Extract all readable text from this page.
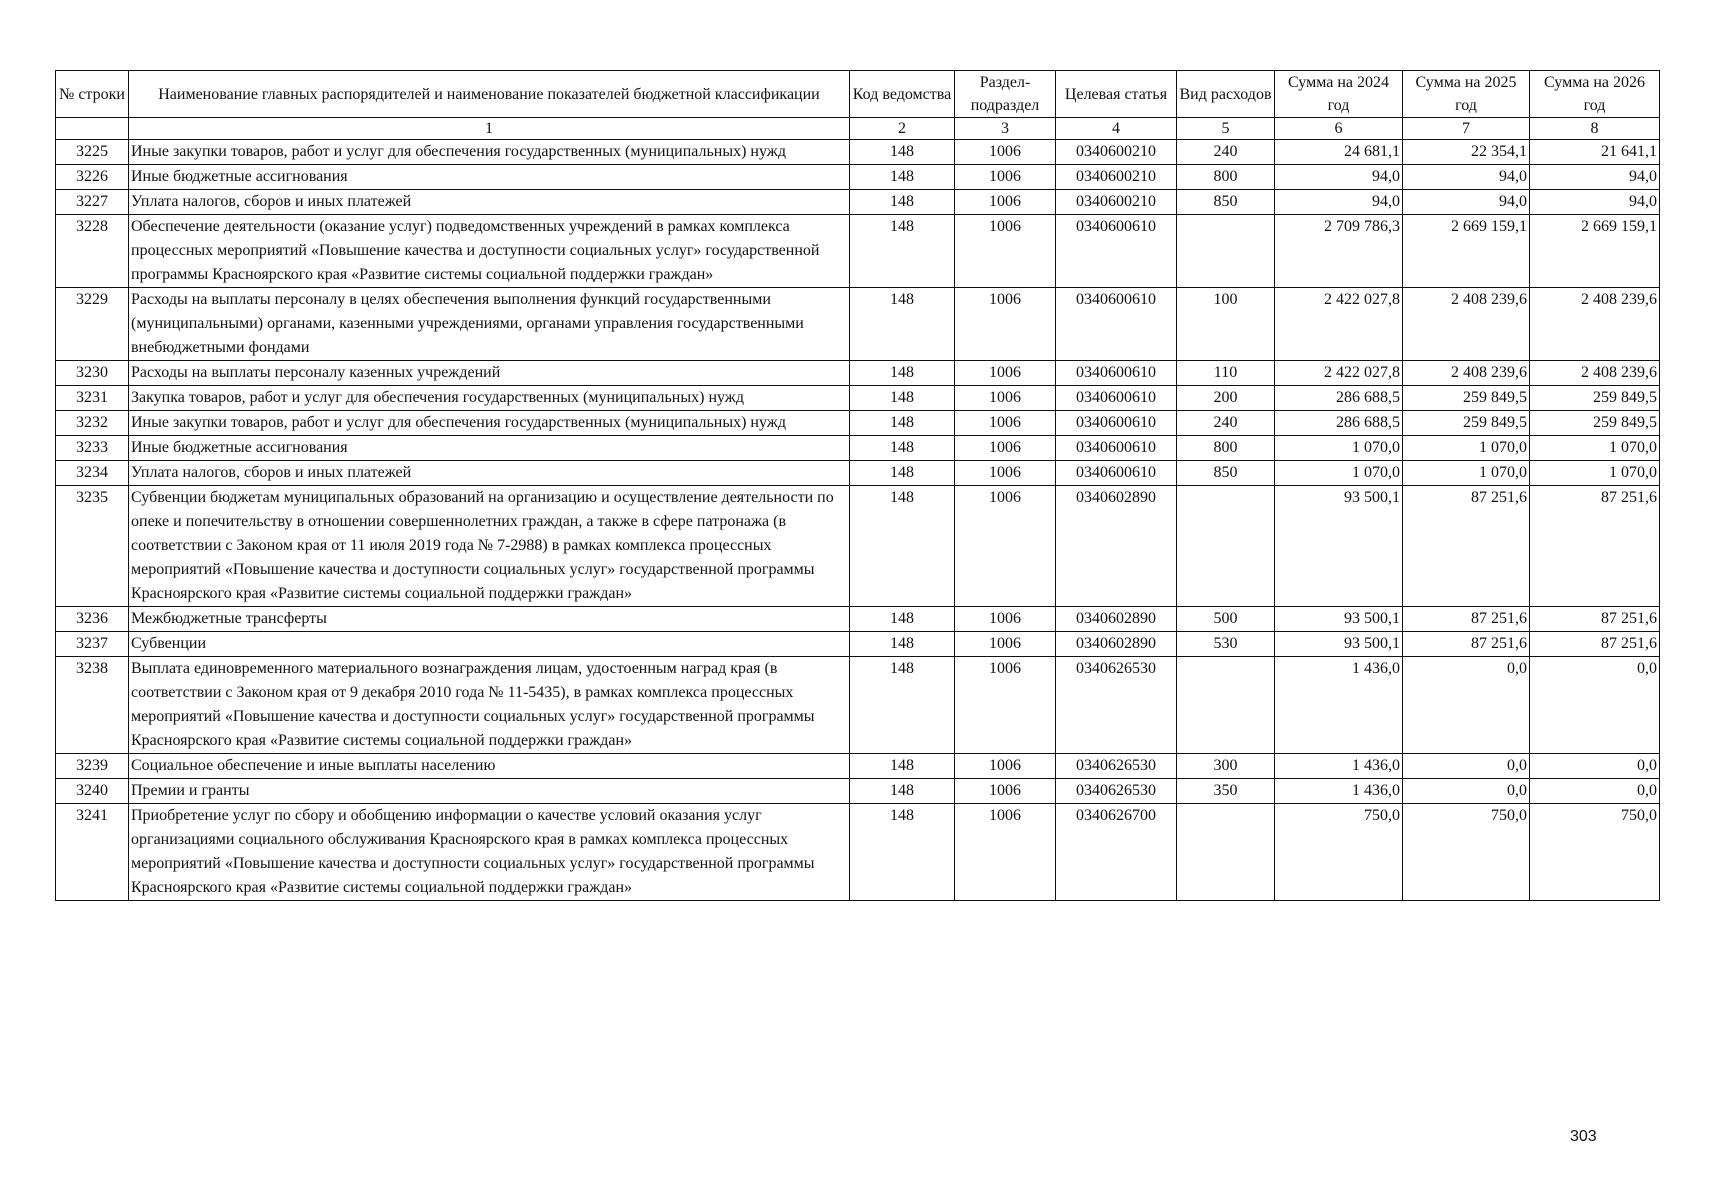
№ строки	Наименование главных распорядителей и наименование показателей бюджетной классификации	Код ведомства	Раздел-подраздел	Целевая статья	Вид расходов	Сумма на 2024 год	Сумма на 2025 год	Сумма на 2026 год
	1	2	3	4	5	6	7	8
3225	Иные закупки товаров, работ и услуг для обеспечения государственных (муниципальных) нужд	148	1006	0340600210	240	24 681,1	22 354,1	21 641,1
3226	Иные бюджетные ассигнования	148	1006	0340600210	800	94,0	94,0	94,0
3227	Уплата налогов, сборов и иных платежей	148	1006	0340600210	850	94,0	94,0	94,0
3228	Обеспечение деятельности (оказание услуг) подведомственных учреждений в рамках комплекса процессных мероприятий «Повышение качества и доступности социальных услуг» государственной программы Красноярского края «Развитие системы социальной поддержки граждан»	148	1006	0340600610		2 709 786,3	2 669 159,1	2 669 159,1
3229	Расходы на выплаты персоналу в целях обеспечения выполнения функций государственными (муниципальными) органами, казенными учреждениями, органами управления государственными внебюджетными фондами	148	1006	0340600610	100	2 422 027,8	2 408 239,6	2 408 239,6
3230	Расходы на выплаты персоналу казенных учреждений	148	1006	0340600610	110	2 422 027,8	2 408 239,6	2 408 239,6
3231	Закупка товаров, работ и услуг для обеспечения государственных (муниципальных) нужд	148	1006	0340600610	200	286 688,5	259 849,5	259 849,5
3232	Иные закупки товаров, работ и услуг для обеспечения государственных (муниципальных) нужд	148	1006	0340600610	240	286 688,5	259 849,5	259 849,5
3233	Иные бюджетные ассигнования	148	1006	0340600610	800	1 070,0	1 070,0	1 070,0
3234	Уплата налогов, сборов и иных платежей	148	1006	0340600610	850	1 070,0	1 070,0	1 070,0
3235	Субвенции бюджетам муниципальных образований на организацию и осуществление деятельности по опеке и попечительству в отношении совершеннолетних граждан, а также в сфере патронажа (в соответствии с Законом края от 11 июля 2019 года № 7-2988) в рамках комплекса процессных мероприятий «Повышение качества и доступности социальных услуг» государственной программы Красноярского края «Развитие системы социальной поддержки граждан»	148	1006	0340602890		93 500,1	87 251,6	87 251,6
3236	Межбюджетные трансферты	148	1006	0340602890	500	93 500,1	87 251,6	87 251,6
3237	Субвенции	148	1006	0340602890	530	93 500,1	87 251,6	87 251,6
3238	Выплата единовременного материального вознаграждения лицам, удостоенным наград края (в соответствии с Законом края от 9 декабря 2010 года № 11-5435), в рамках комплекса процессных мероприятий «Повышение качества и доступности социальных услуг» государственной программы Красноярского края «Развитие системы социальной поддержки граждан»	148	1006	0340626530		1 436,0	0,0	0,0
3239	Социальное обеспечение и иные выплаты населению	148	1006	0340626530	300	1 436,0	0,0	0,0
3240	Премии и гранты	148	1006	0340626530	350	1 436,0	0,0	0,0
3241	Приобретение услуг по сбору и обобщению информации о качестве условий оказания услуг организациями социального обслуживания Красноярского края в рамках комплекса процессных мероприятий «Повышение качества и доступности социальных услуг» государственной программы Красноярского края «Развитие системы социальной поддержки граждан»	148	1006	0340626700		750,0	750,0	750,0
303
